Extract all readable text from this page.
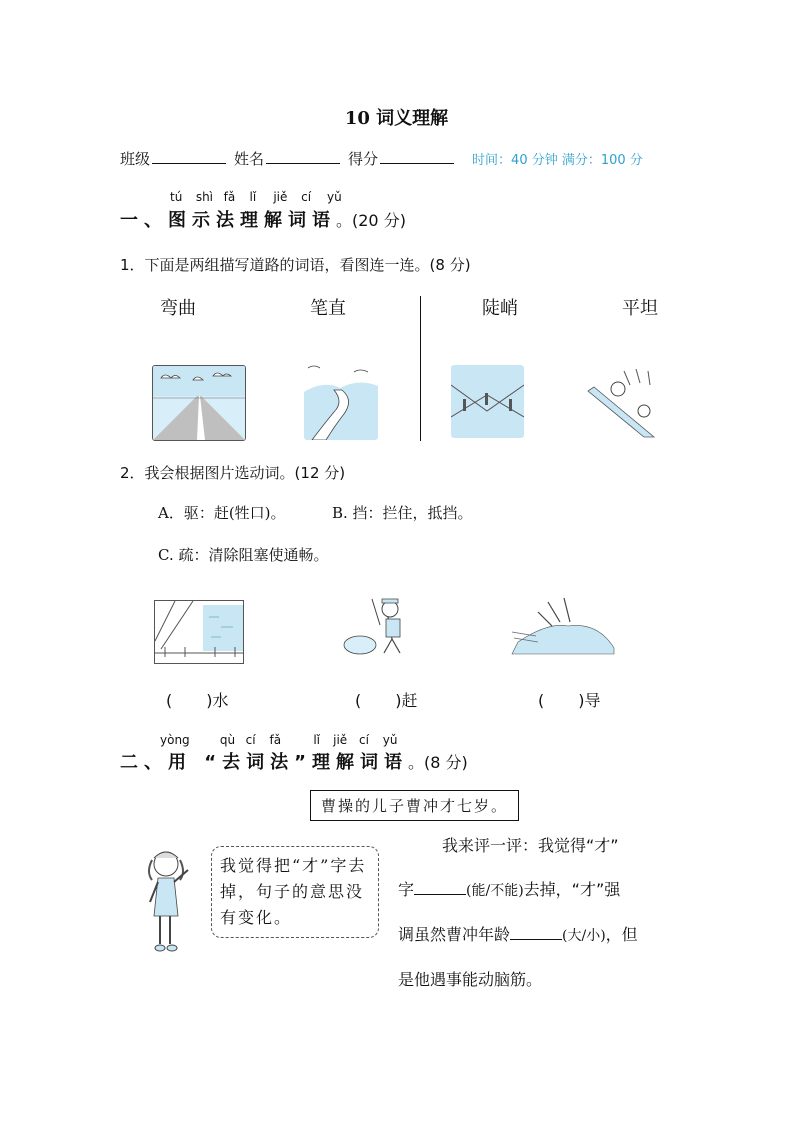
10 词义理解
班级	姓名	得分	时间：40 分钟 满分：100 分
tú shì fǎ lǐ jiě cí yǔ
一、图示法理解词语。(20 分)
1．下面是两组描写道路的词语，看图连一连。(8 分)
弯曲	笔直	陡峭	平坦
2．我会根据图片选动词。(12 分)
A．驱：赶(牲口)。	B. 挡：拦住，抵挡。
C. 疏：清除阻塞使通畅。
( )水	( )赶	( )导
yòng	qù cí fǎ	lǐ jiě cí yǔ
二、用 “去词法”理解词语。(8 分)
曹操的儿子曹冲才七岁。
我觉得把“才”字去掉，句子的意思没有变化。
我来评一评：我觉得“才”
字	(能/不能)去掉，“才”强
调虽然曹冲年龄	(大/小)，但
是他遇事能动脑筋。
